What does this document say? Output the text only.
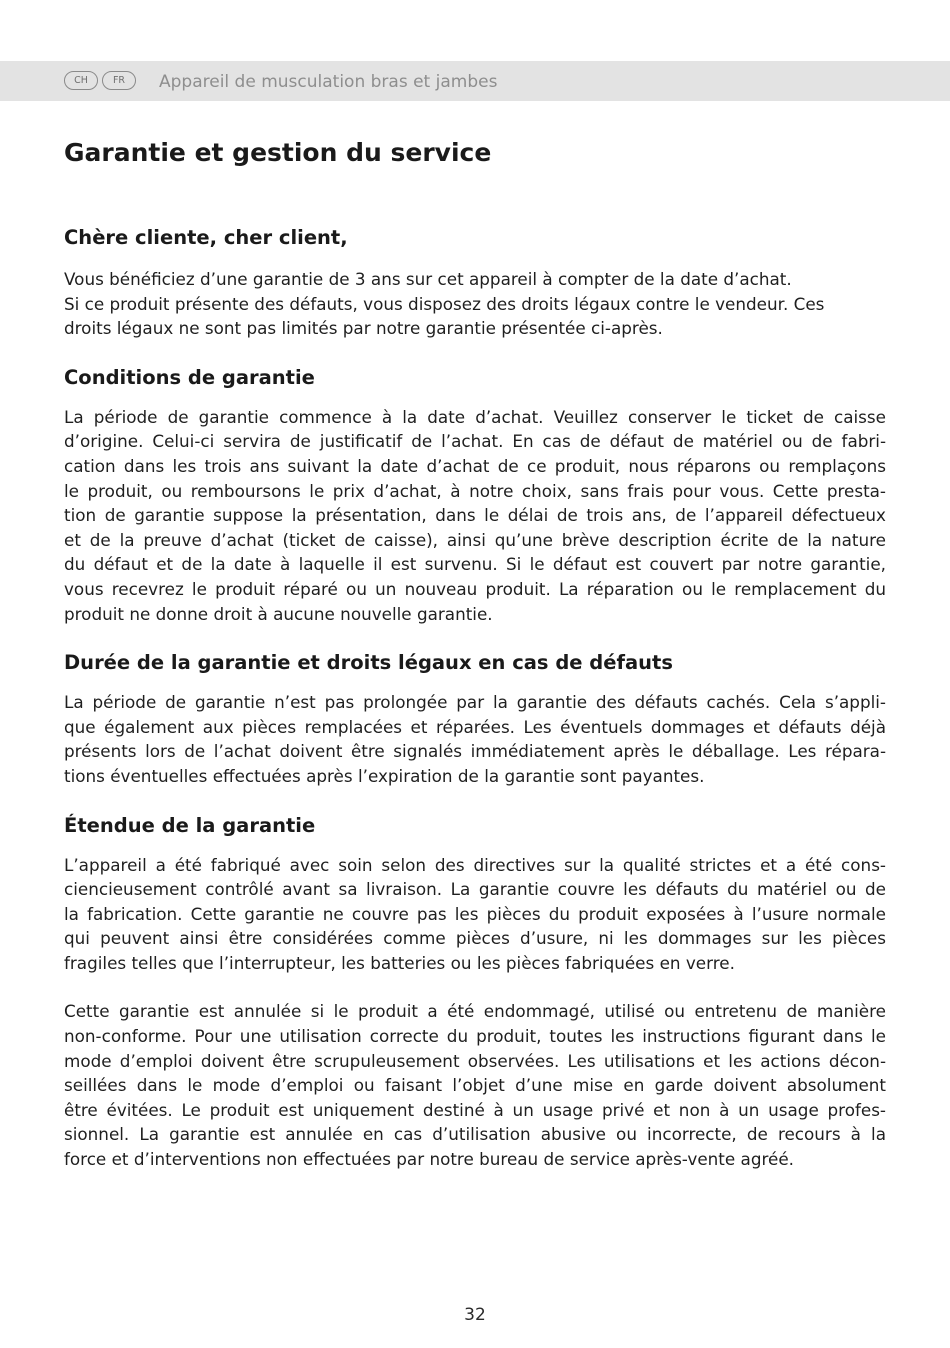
CH	FR	Appareil de musculation bras et jambes
Garantie et gestion du service
Chère cliente, cher client,
Vous bénéficiez d’une garantie de 3 ans sur cet appareil à compter de la date d’achat.
Si ce produit présente des défauts, vous disposez des droits légaux contre le vendeur. Ces
droits légaux ne sont pas limités par notre garantie présentée ci-après.
Conditions de garantie
La période de garantie commence à la date d’achat. Veuillez conserver le ticket de caisse
d’origine. Celui-ci servira de justificatif de l’achat. En cas de défaut de matériel ou de fabri-
cation dans les trois ans suivant la date d’achat de ce produit, nous réparons ou remplaçons
le produit, ou remboursons le prix d’achat, à notre choix, sans frais pour vous. Cette presta-
tion de garantie suppose la présentation, dans le délai de trois ans, de l’appareil défectueux
et de la preuve d’achat (ticket de caisse), ainsi qu’une brève description écrite de la nature
du défaut et de la date à laquelle il est survenu. Si le défaut est couvert par notre garantie,
vous recevrez le produit réparé ou un nouveau produit. La réparation ou le remplacement du
produit ne donne droit à aucune nouvelle garantie.
Durée de la garantie et droits légaux en cas de défauts
La période de garantie n’est pas prolongée par la garantie des défauts cachés. Cela s’appli-
que également aux pièces remplacées et réparées. Les éventuels dommages et défauts déjà
présents lors de l’achat doivent être signalés immédiatement après le déballage. Les répara-
tions éventuelles effectuées après l’expiration de la garantie sont payantes.
Étendue de la garantie
L’appareil a été fabriqué avec soin selon des directives sur la qualité strictes et a été cons-
ciencieusement contrôlé avant sa livraison. La garantie couvre les défauts du matériel ou de
la fabrication. Cette garantie ne couvre pas les pièces du produit exposées à l’usure normale
qui peuvent ainsi être considérées comme pièces d’usure, ni les dommages sur les pièces
fragiles telles que l’interrupteur, les batteries ou les pièces fabriquées en verre.
Cette garantie est annulée si le produit a été endommagé, utilisé ou entretenu de manière
non-conforme. Pour une utilisation correcte du produit, toutes les instructions figurant dans le
mode d’emploi doivent être scrupuleusement observées. Les utilisations et les actions décon-
seillées dans le mode d’emploi ou faisant l’objet d’une mise en garde doivent absolument
être évitées. Le produit est uniquement destiné à un usage privé et non à un usage profes-
sionnel. La garantie est annulée en cas d’utilisation abusive ou incorrecte, de recours à la
force et d’interventions non effectuées par notre bureau de service après-vente agréé.
32
